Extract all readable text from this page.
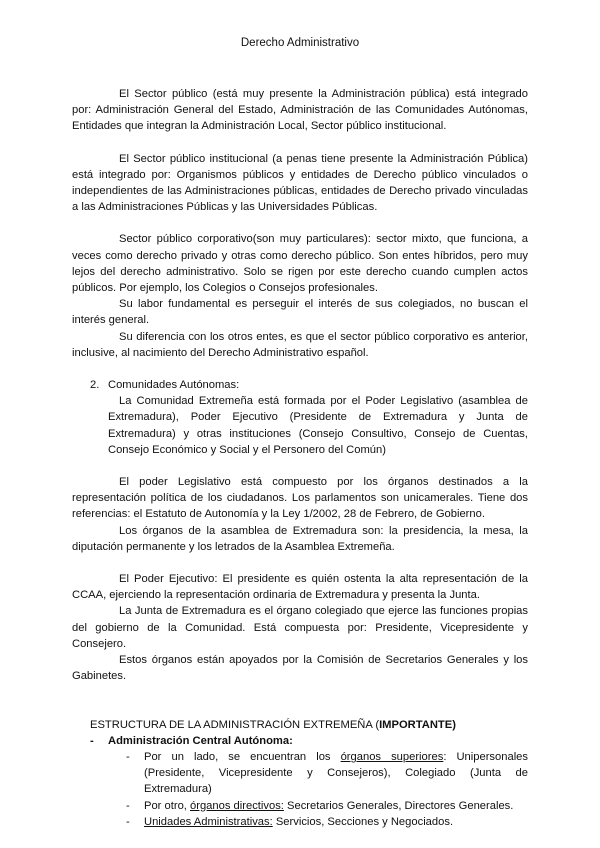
Derecho Administrativo

El Sector público (está muy presente la Administración pública) está integrado por: Administración General del Estado, Administración de las Comunidades Autónomas, Entidades que integran la Administración Local, Sector público institucional.

El Sector público institucional (a penas tiene presente la Administración Pública) está integrado por: Organismos públicos y entidades de Derecho público vinculados o independientes de las Administraciones públicas, entidades de Derecho privado vinculadas a las Administraciones Públicas y las Universidades Públicas.

Sector público corporativo(son muy particulares): sector mixto, que funciona, a veces como derecho privado y otras como derecho público. Son entes híbridos, pero muy lejos del derecho administrativo. Solo se rigen por este derecho cuando cumplen actos públicos. Por ejemplo, los Colegios o Consejos profesionales.

Su labor fundamental es perseguir el interés de sus colegiados, no buscan el interés general.

Su diferencia con los otros entes, es que el sector público corporativo es anterior, inclusive, al nacimiento del Derecho Administrativo español.

2. Comunidades Autónomas:

La Comunidad Extremeña está formada por el Poder Legislativo (asamblea de Extremadura), Poder Ejecutivo (Presidente de Extremadura y Junta de Extremadura) y otras instituciones (Consejo Consultivo, Consejo de Cuentas, Consejo Económico y Social y el Personero del Común)

El poder Legislativo está compuesto por los órganos destinados a la representación política de los ciudadanos. Los parlamentos son unicamerales. Tiene dos referencias: el Estatuto de Autonomía y la Ley 1/2002, 28 de Febrero, de Gobierno.

Los órganos de la asamblea de Extremadura son: la presidencia, la mesa, la diputación permanente y los letrados de la Asamblea Extremeña.

El Poder Ejecutivo: El presidente es quién ostenta la alta representación de la CCAA, ejerciendo la representación ordinaria de Extremadura y presenta la Junta.

La Junta de Extremadura es el órgano colegiado que ejerce las funciones propias del gobierno de la Comunidad. Está compuesta por: Presidente, Vicepresidente y Consejero.

Estos órganos están apoyados por la Comisión de Secretarios Generales y los Gabinetes.

ESTRUCTURA DE LA ADMINISTRACIÓN EXTREMEÑA (IMPORTANTE)
- Administración Central Autónoma:
- Por un lado, se encuentran los órganos superiores: Unipersonales (Presidente, Vicepresidente y Consejeros), Colegiado (Junta de Extremadura)

- Por otro, órganos directivos: Secretarios Generales, Directores Generales.

- Unidades Administrativas: Servicios, Secciones y Negociados.
